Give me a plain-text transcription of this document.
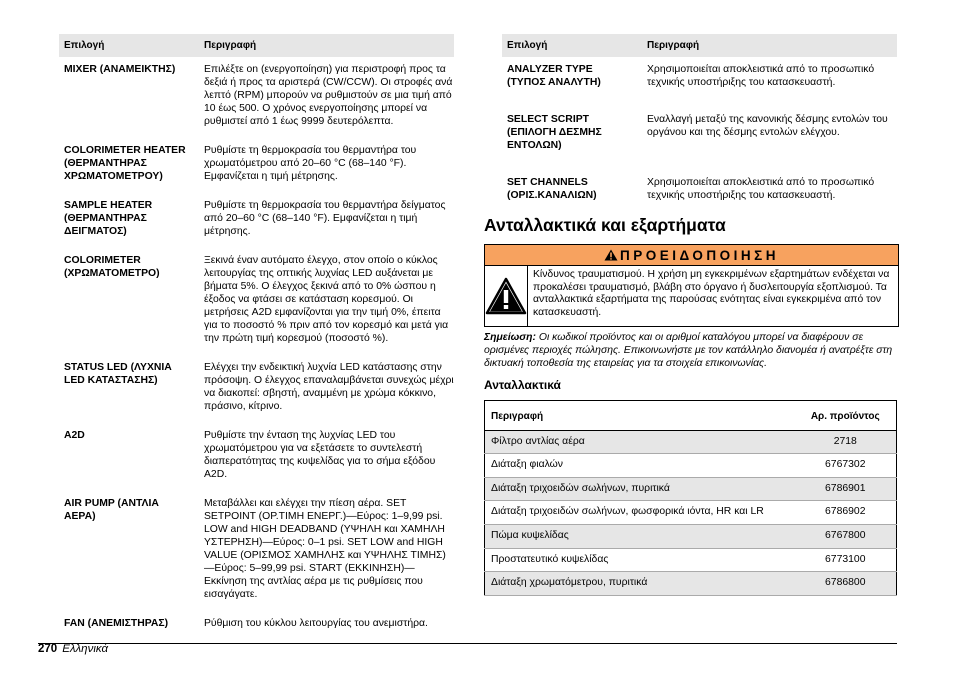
Επιλογή	Περιγραφή
MIXER (ΑΝΑΜΕΙΚΤΗΣ)	Επιλέξτε on (ενεργοποίηση) για περιστροφή προς τα δεξιά ή προς τα αριστερά (CW/CCW). Οι στροφές ανά λεπτό (RPM) μπορούν να ρυθμιστούν σε μια τιμή από 10 έως 500. Ο χρόνος ενεργοποίησης μπορεί να ρυθμιστεί από 1 έως 9999 δευτερόλεπτα.
COLORIMETER HEATER (ΘΕΡΜΑΝΤΗΡΑΣ ΧΡΩΜΑΤΟΜΕΤΡΟΥ)	Ρυθμίστε τη θερμοκρασία του θερμαντήρα του χρωματόμετρου από 20–60 °C (68–140 °F). Εμφανίζεται η τιμή μέτρησης.
SAMPLE HEATER (ΘΕΡΜΑΝΤΗΡΑΣ ΔΕΙΓΜΑΤΟΣ)	Ρυθμίστε τη θερμοκρασία του θερμαντήρα δείγματος από 20–60 °C (68–140 °F). Εμφανίζεται η τιμή μέτρησης.
COLORIMETER (ΧΡΩΜΑΤΟΜΕΤΡΟ)	Ξεκινά έναν αυτόματο έλεγχο, στον οποίο ο κύκλος λειτουργίας της οπτικής λυχνίας LED αυξάνεται με βήματα 5%. Ο έλεγχος ξεκινά από το 0% ώσπου η έξοδος να φτάσει σε κατάσταση κορεσμού. Οι μετρήσεις A2D εμφανίζονται για την τιμή 0%, έπειτα για το ποσοστό % πριν από τον κορεσμό και μετά για την πρώτη τιμή κορεσμού (ποσοστό %).
STATUS LED (ΛΥΧΝΙΑ LED ΚΑΤΑΣΤΑΣΗΣ)	Ελέγχει την ενδεικτική λυχνία LED κατάστασης στην πρόσοψη. Ο έλεγχος επαναλαμβάνεται συνεχώς μέχρι να διακοπεί: σβηστή, αναμμένη με χρώμα κόκκινο, πράσινο, κίτρινο.
A2D	Ρυθμίστε την ένταση της λυχνίας LED του χρωματόμετρου για να εξετάσετε το συντελεστή διαπερατότητας της κυψελίδας για το σήμα εξόδου A2D.
AIR PUMP (ΑΝΤΛΙΑ ΑΕΡΑ)	Μεταβάλλει και ελέγχει την πίεση αέρα. SET SETPOINT (ΟΡ.ΤΙΜΗ ΕΝΕΡΓ.)—Εύρος: 1–9,99 psi. LOW and HIGH DEADBAND (ΥΨΗΛΗ και ΧΑΜΗΛΗ ΥΣΤΕΡΗΣΗ)—Εύρος: 0–1 psi. SET LOW and HIGH VALUE (ΟΡΙΣΜΟΣ ΧΑΜΗΛΗΣ και ΥΨΗΛΗΣ ΤΙΜΗΣ)—Εύρος: 5–99,99 psi. START (ΕΚΚΙΝΗΣΗ)—Εκκίνηση της αντλίας αέρα με τις ρυθμίσεις που εισαγάγατε.
FAN (ΑΝΕΜΙΣΤΗΡΑΣ)	Ρύθμιση του κύκλου λειτουργίας του ανεμιστήρα.
Επιλογή	Περιγραφή
ANALYZER TYPE (ΤΥΠΟΣ ΑΝΑΛΥΤΗ)	Χρησιμοποιείται αποκλειστικά από το προσωπικό τεχνικής υποστήριξης του κατασκευαστή.
SELECT SCRIPT (ΕΠΙΛΟΓΗ ΔΕΣΜΗΣ ΕΝΤΟΛΩΝ)	Εναλλαγή μεταξύ της κανονικής δέσμης εντολών του οργάνου και της δέσμης εντολών ελέγχου.
SET CHANNELS (ΟΡΙΣ.ΚΑΝΑΛΙΩΝ)	Χρησιμοποιείται αποκλειστικά από το προσωπικό τεχνικής υποστήριξης του κατασκευαστή.
Ανταλλακτικά και εξαρτήματα
ΠΡΟΕΙΔΟΠΟΙΗΣΗ
Κίνδυνος τραυματισμού. Η χρήση μη εγκεκριμένων εξαρτημάτων ενδέχεται να προκαλέσει τραυματισμό, βλάβη στο όργανο ή δυσλειτουργία εξοπλισμού. Τα ανταλλακτικά εξαρτήματα της παρούσας ενότητας είναι εγκεκριμένα από τον κατασκευαστή.
Σημείωση: Οι κωδικοί προϊόντος και οι αριθμοί καταλόγου μπορεί να διαφέρουν σε ορισμένες περιοχές πώλησης. Επικοινωνήστε με τον κατάλληλο διανομέα ή ανατρέξτε στη δικτυακή τοποθεσία της εταιρείας για τα στοιχεία επικοινωνίας.
Ανταλλακτικά
Περιγραφή	Αρ. προϊόντος
Φίλτρο αντλίας αέρα	2718
Διάταξη φιαλών	6767302
Διάταξη τριχοειδών σωλήνων, πυριτικά	6786901
Διάταξη τριχοειδών σωλήνων, φωσφορικά ιόντα, HR και LR	6786902
Πώμα κυψελίδας	6767800
Προστατευτικό κυψελίδας	6773100
Διάταξη χρωματόμετρου, πυριτικά	6786800
270 Ελληνικά
